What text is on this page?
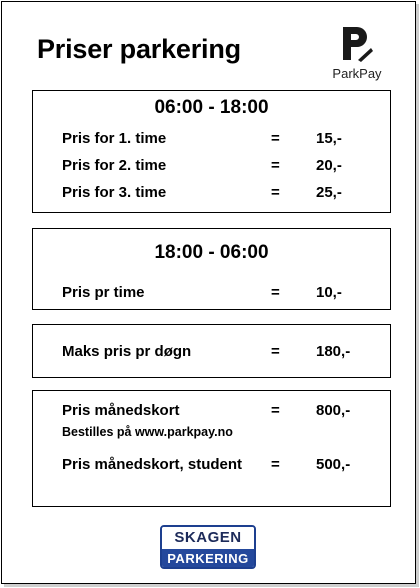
Priser parkering
ParkPay
06:00 - 18:00
Pris for 1. time	= 15,-
Pris for 2. time	= 20,-
Pris for 3. time	= 25,-
18:00 - 06:00
Pris pr time	= 10,-
Maks pris pr døgn	= 180,-
Pris månedskort	= 800,-
Bestilles på www.parkpay.no
Pris månedskort, student = 500,-
SKAGEN
PARKERING
